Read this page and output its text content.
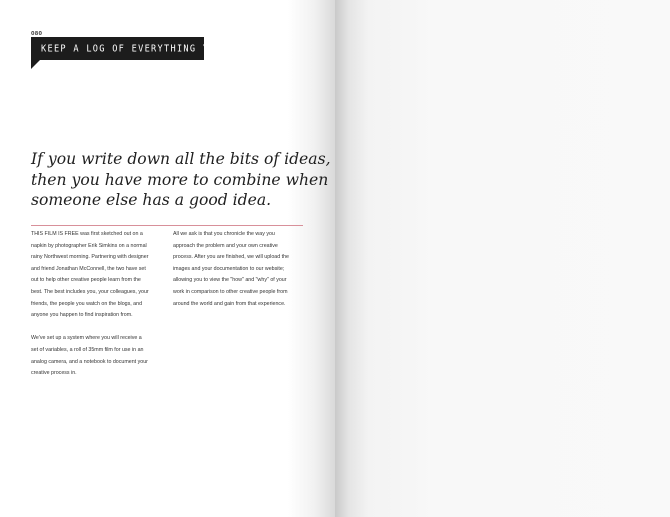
080
KEEP A LOG OF EVERYTHING YOU THINK OF
If you write down all the bits of ideas,
then you have more to combine when
someone else has a good idea.
THIS FILM IS FREE was first sketched out on a
napkin by photographer Erik Simkins on a normal
rainy Northwest morning. Partnering with designer
and friend Jonathan McConnell, the two have set
out to help other creative people learn from the
best. The best includes you, your colleagues, your
friends, the people you watch on the blogs, and
anyone you happen to find inspiration from.
We've set up a system where you will receive a
set of variables, a roll of 35mm film for use in an
analog camera, and a notebook to document your
creative process in.
All we ask is that you chronicle the way you
approach the problem and your own creative
process. After you are finished, we will upload the
images and your documentation to our website;
allowing you to view the "how" and "why" of your
work in comparison to other creative people from
around the world and gain from that experience.
